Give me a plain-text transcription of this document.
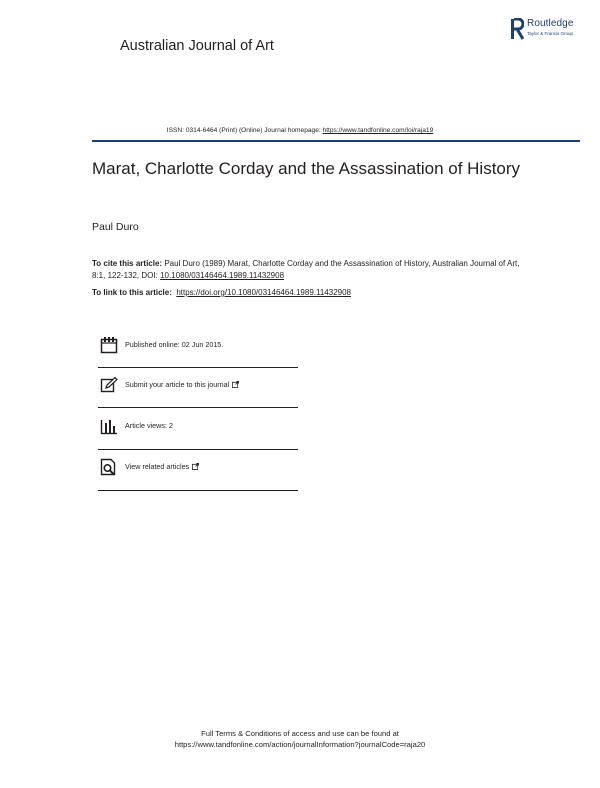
Australian Journal of Art
Routledge
Taylor & Francis Group
ISSN: 0314-6464 (Print) (Online) Journal homepage: https://www.tandfonline.com/loi/raja19
Marat, Charlotte Corday and the Assassination of History
Paul Duro
To cite this article: Paul Duro (1989) Marat, Charlotte Corday and the Assassination of History, Australian Journal of Art, 8:1, 122-132, DOI: 10.1080/03146464.1989.11432908
To link to this article: https://doi.org/10.1080/03146464.1989.11432908
Published online: 02 Jun 2015.
Submit your article to this journal
Article views: 2
View related articles
Full Terms & Conditions of access and use can be found at
https://www.tandfonline.com/action/journalInformation?journalCode=raja20
